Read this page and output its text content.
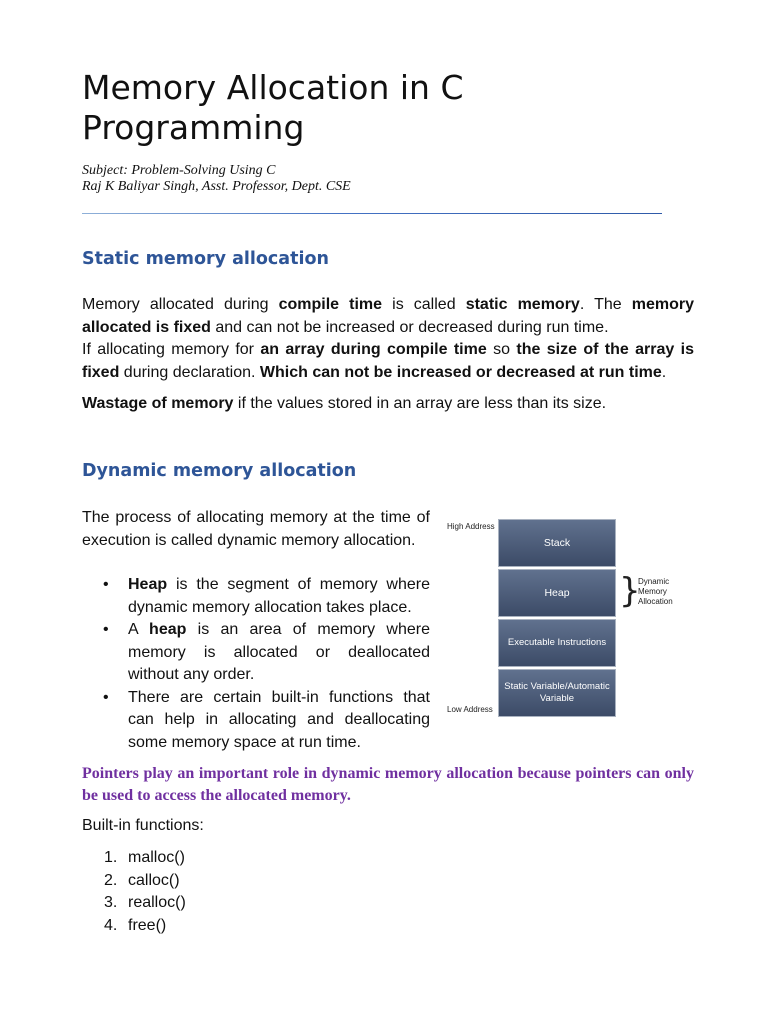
Memory Allocation in C Programming
Subject: Problem-Solving Using C
Raj K Baliyar Singh, Asst. Professor, Dept. CSE
Static memory allocation

Memory allocated during compile time is called static memory. The memory allocated is fixed and can not be increased or decreased during run time.

If allocating memory for an array during compile time so the size of the array is fixed during declaration. Which can not be increased or decreased at run time.

Wastage of memory if the values stored in an array are less than its size.

Dynamic memory allocation

The process of allocating memory at the time of execution is called dynamic memory allocation.

• Heap is the segment of memory where dynamic memory allocation takes place.
• A heap is an area of memory where memory is allocated or deallocated without any order.
• There are certain built-in functions that can help in allocating and deallocating some memory space at run time.

Pointers play an important role in dynamic memory allocation because pointers can only be used to access the allocated memory.

Built-in functions:
1. malloc()
2. calloc()
3. realloc()
4. free()
High Address
Stack
Heap
Executable Instructions
Static Variable/Automatic Variable
Low Address
}
Dynamic Memory Allocation
